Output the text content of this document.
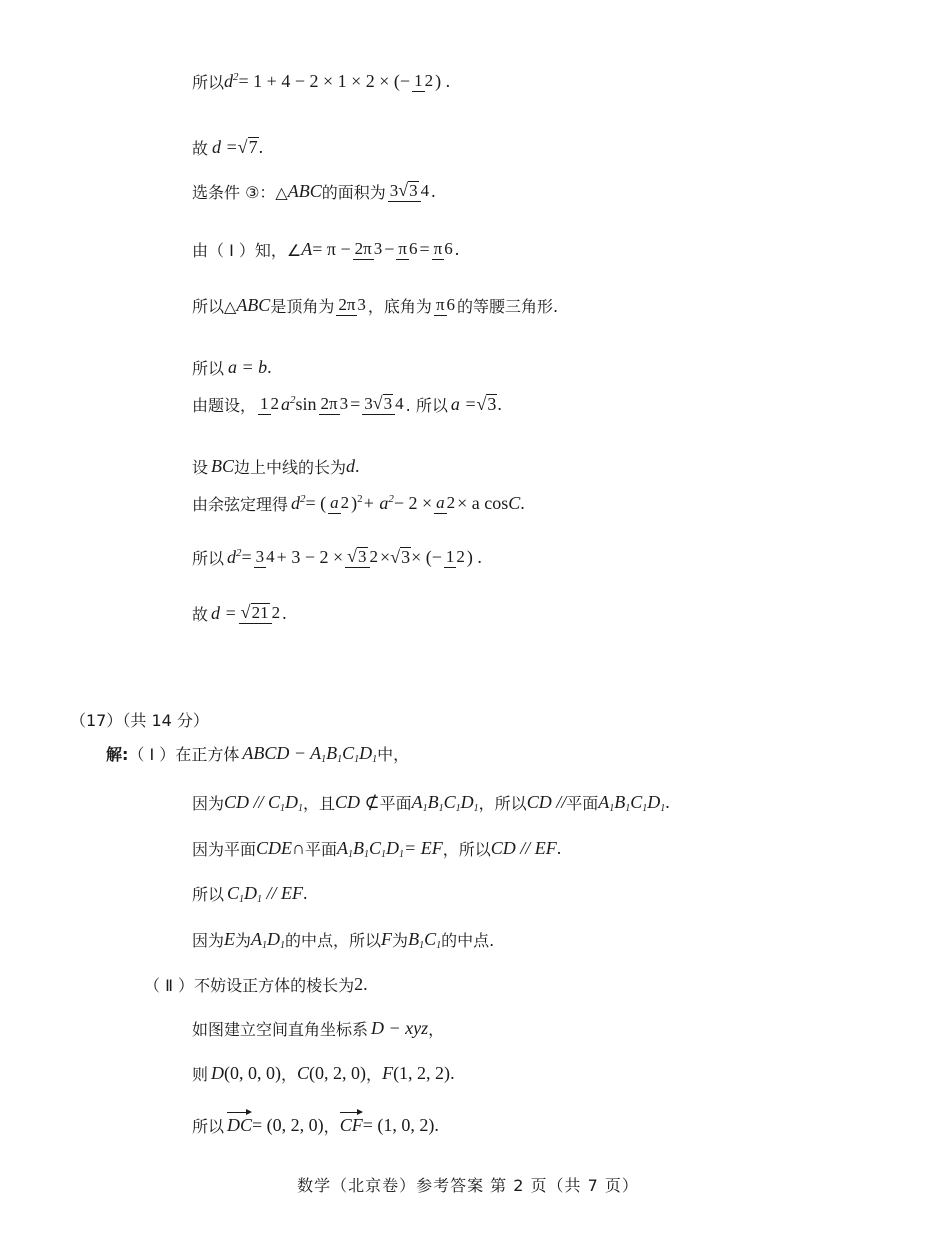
所以 $d^2 = 1 + 4 - 2 \times 1 \times 2$ × (− 1 2 ) .
故 d = √7 .
选条件 ③：△ ABC 的面积为 3√3 4 .
由（ Ⅰ ）知，∠ A = π − 2π 3 − π 6 = π 6 .
所以△ ABC 是顶角为 2π 3 ，底角为 π 6 的等腰三角形.
所以 a = b .
由题设， 1 2 $a^2$ sin 2π 3 = 3√3 4 . 所以 a = √3 .
设 BC 边上中线的长为 d .
由余弦定理得 $d^2$ = ( a 2 )$^2 + a^2 - 2 \times a$ 2 × a cos C .
所以 $d^2 = 3$ 4 + 3 − 2 × √3 2 × √3 × (− 1 2 ) .
故 d = √21 2 .
（17）（共 14 分）
解: （ Ⅰ ） 在正方体 ABCD − $A_1B_1C_1D_1$ 中，
因为 CD // $C_1D_1$ ，且 CD ⊄ 平面 $A_1B_1C_1D_1$ ，所以 CD // 平面 $A_1B_1C_1D_1$ .
因为平面 CDE ∩ 平面 $A_1B_1C_1D_1$ = EF ，所以 CD // EF .
所以 $C_1D_1$ // EF .
因为 E 为 $A_1D_1$ 的中点，所以 F 为 $B_1C_1$ 的中点.
（ Ⅱ ） 不妨设正方体的棱长为 2 .
如图建立空间直角坐标系 D − xyz ，
则 D (0, 0, 0) ， C (0, 2, 0) ， F (1, 2, 2) .
所以 DC = (0, 2, 0) ， CF = (1, 0, 2) .
数学（北京卷）参考答案 第 2 页（共 7 页）
